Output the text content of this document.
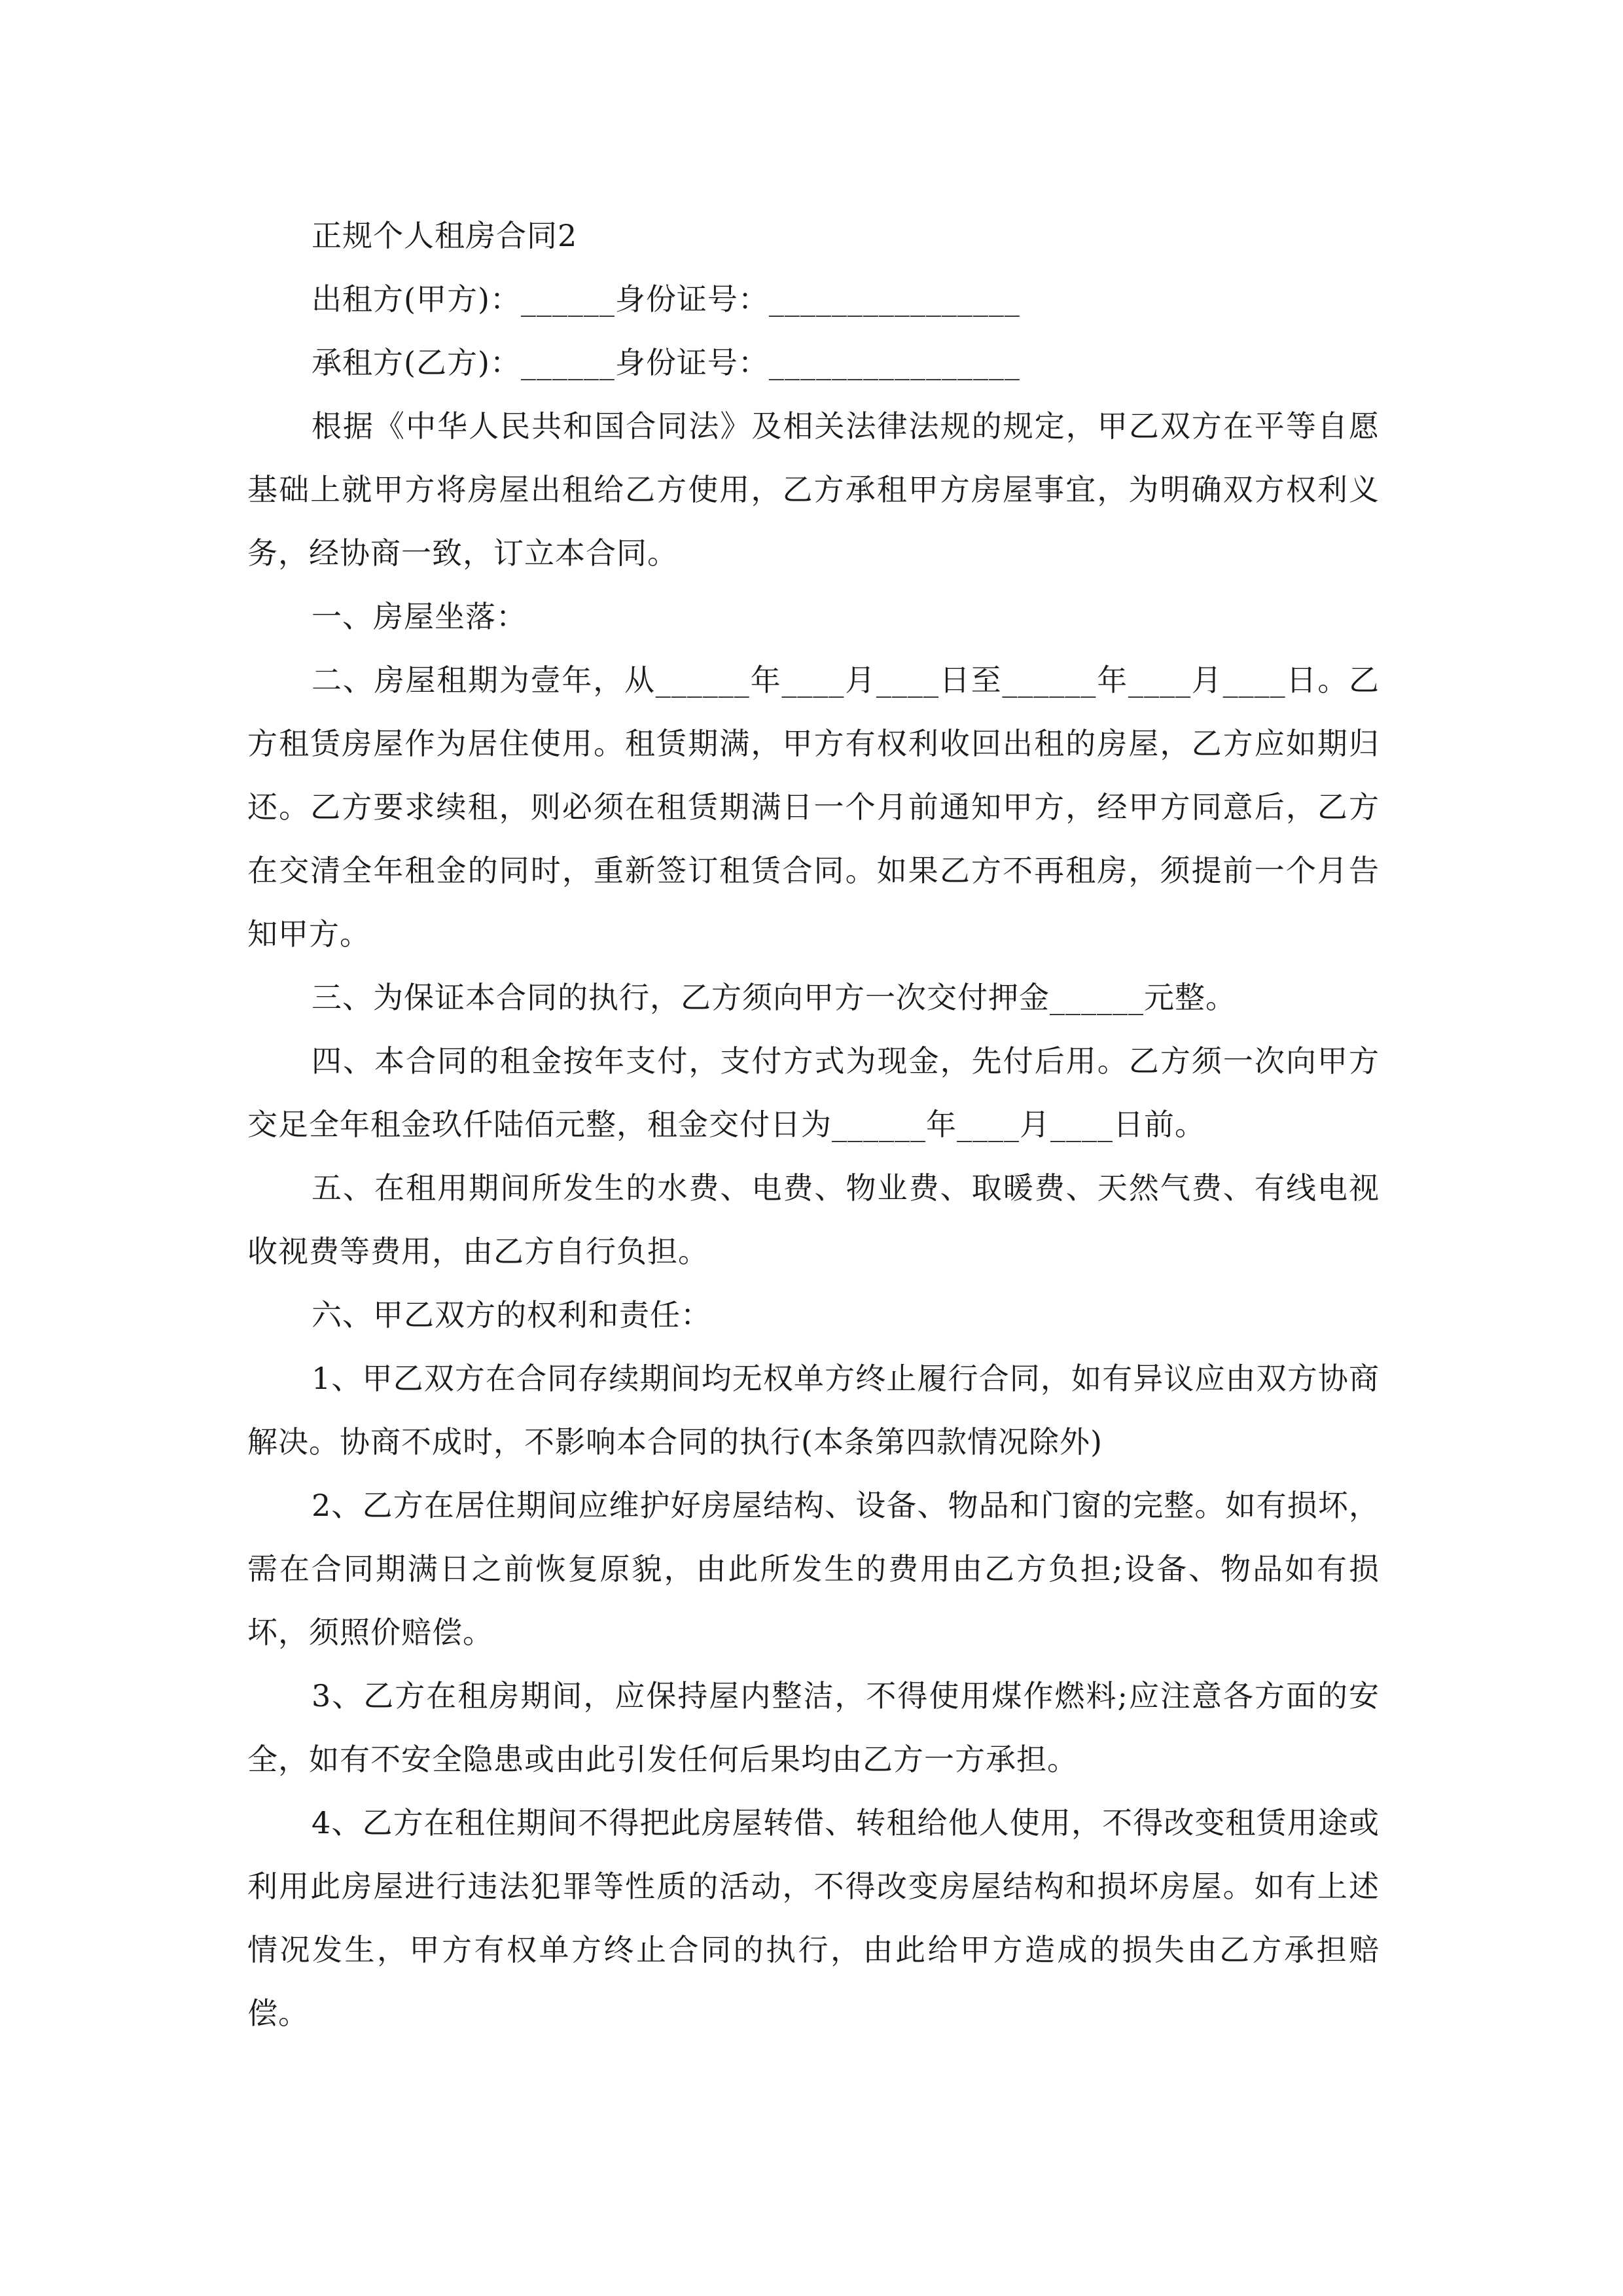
正规个人租房合同2

出租方(甲方)：______身份证号：________________

承租方(乙方)：______身份证号：________________

根据《中华人民共和国合同法》及相关法律法规的规定，甲乙双方在平等自愿基础上就甲方将房屋出租给乙方使用，乙方承租甲方房屋事宜，为明确双方权利义务，经协商一致，订立本合同。

一、房屋坐落：

二、房屋租期为壹年，从______年____月____日至______年____月____日。乙方租赁房屋作为居住使用。租赁期满，甲方有权利收回出租的房屋，乙方应如期归还。乙方要求续租，则必须在租赁期满日一个月前通知甲方，经甲方同意后，乙方在交清全年租金的同时，重新签订租赁合同。如果乙方不再租房，须提前一个月告知甲方。

三、为保证本合同的执行，乙方须向甲方一次交付押金______元整。

四、本合同的租金按年支付，支付方式为现金，先付后用。乙方须一次向甲方交足全年租金玖仟陆佰元整，租金交付日为______年____月____日前。

五、在租用期间所发生的水费、电费、物业费、取暖费、天然气费、有线电视收视费等费用，由乙方自行负担。

六、甲乙双方的权利和责任：

1、甲乙双方在合同存续期间均无权单方终止履行合同，如有异议应由双方协商解决。协商不成时，不影响本合同的执行(本条第四款情况除外)

2、乙方在居住期间应维护好房屋结构、设备、物品和门窗的完整。如有损坏，需在合同期满日之前恢复原貌，由此所发生的费用由乙方负担;设备、物品如有损坏，须照价赔偿。

3、乙方在租房期间，应保持屋内整洁，不得使用煤作燃料;应注意各方面的安全，如有不安全隐患或由此引发任何后果均由乙方一方承担。

4、乙方在租住期间不得把此房屋转借、转租给他人使用，不得改变租赁用途或利用此房屋进行违法犯罪等性质的活动，不得改变房屋结构和损坏房屋。如有上述情况发生，甲方有权单方终止合同的执行，由此给甲方造成的损失由乙方承担赔偿。
